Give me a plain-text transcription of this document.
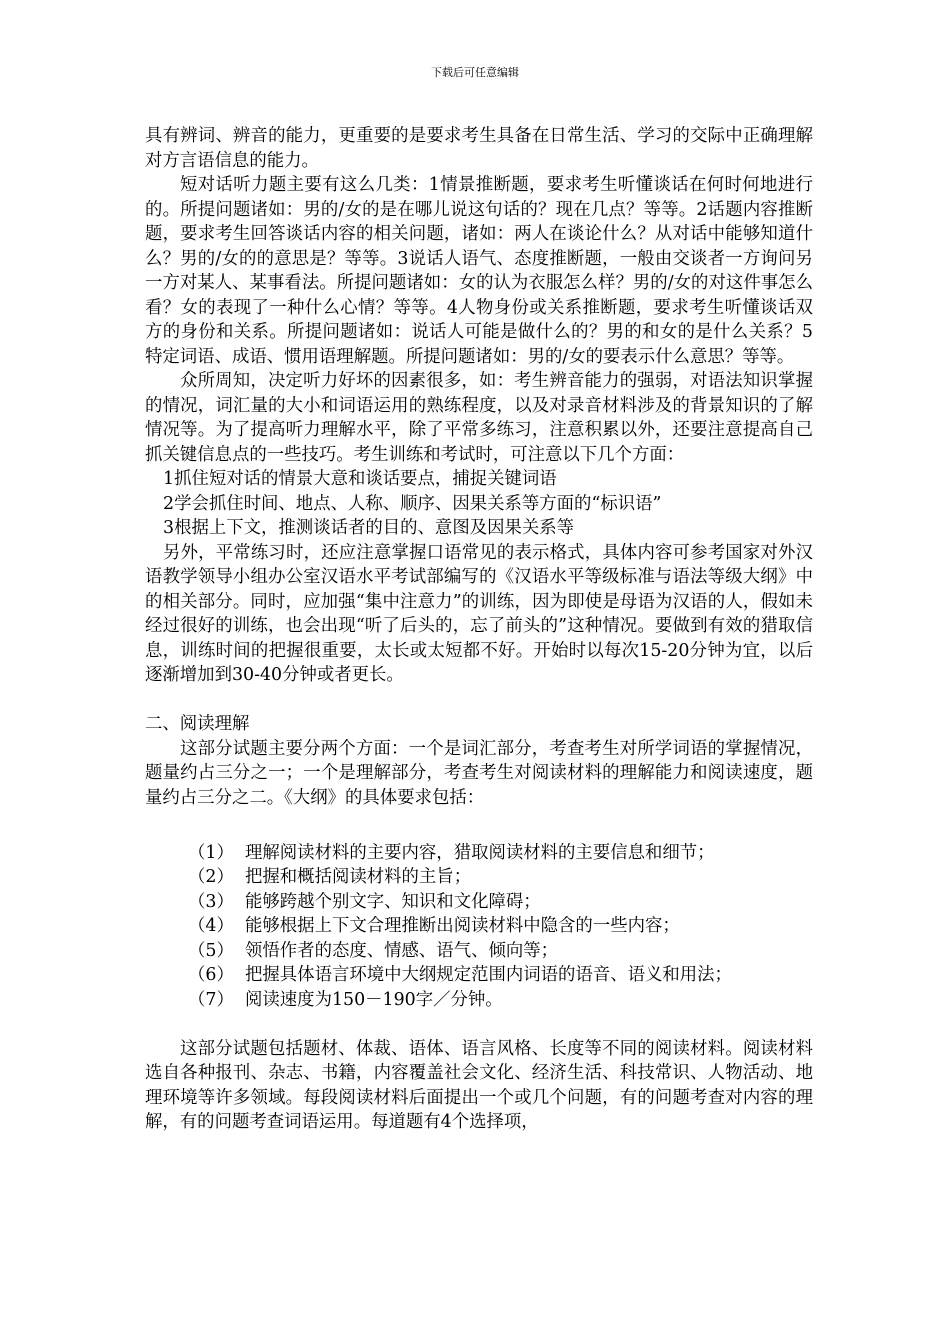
下载后可任意编辑

具有辨词、辨音的能力，更重要的是要求考生具备在日常生活、学习的交际中正确理解对方言语信息的能力。

短对话听力题主要有这么几类：1情景推断题，要求考生听懂谈话在何时何地进行的。所提问题诸如：男的/女的是在哪儿说这句话的？现在几点？等等。2话题内容推断题，要求考生回答谈话内容的相关问题，诸如：两人在谈论什么？从对话中能够知道什么？男的/女的的意思是？等等。3说话人语气、态度推断题，一般由交谈者一方询问另一方对某人、某事看法。所提问题诸如：女的认为衣服怎么样？男的/女的对这件事怎么看？女的表现了一种什么心情？等等。4人物身份或关系推断题，要求考生听懂谈话双方的身份和关系。所提问题诸如：说话人可能是做什么的？男的和女的是什么关系？5特定词语、成语、惯用语理解题。所提问题诸如：男的/女的要表示什么意思？等等。

众所周知，决定听力好坏的因素很多，如：考生辨音能力的强弱，对语法知识掌握的情况，词汇量的大小和词语运用的熟练程度，以及对录音材料涉及的背景知识的了解情况等。为了提高听力理解水平，除了平常多练习，注意积累以外，还要注意提高自己抓关键信息点的一些技巧。考生训练和考试时，可注意以下几个方面：

1抓住短对话的情景大意和谈话要点，捕捉关键词语

2学会抓住时间、地点、人称、顺序、因果关系等方面的“标识语”

3根据上下文，推测谈话者的目的、意图及因果关系等

另外，平常练习时，还应注意掌握口语常见的表示格式，具体内容可参考国家对外汉语教学领导小组办公室汉语水平考试部编写的《汉语水平等级标准与语法等级大纲》中的相关部分。同时，应加强“集中注意力”的训练，因为即使是母语为汉语的人，假如未经过很好的训练，也会出现“听了后头的，忘了前头的”这种情况。要做到有效的猎取信息，训练时间的把握很重要，太长或太短都不好。开始时以每次15-20分钟为宜，以后逐渐增加到30-40分钟或者更长。

二、阅读理解

这部分试题主要分两个方面：一个是词汇部分，考查考生对所学词语的掌握情况，题量约占三分之一；一个是理解部分，考查考生对阅读材料的理解能力和阅读速度，题量约占三分之二。《大纲》的具体要求包括：

（1） 理解阅读材料的主要内容，猎取阅读材料的主要信息和细节；
（2） 把握和概括阅读材料的主旨；
（3） 能够跨越个别文字、知识和文化障碍；
（4） 能够根据上下文合理推断出阅读材料中隐含的一些内容；
（5） 领悟作者的态度、情感、语气、倾向等；
（6） 把握具体语言环境中大纲规定范围内词语的语音、语义和用法；
（7） 阅读速度为150－190字／分钟。

这部分试题包括题材、体裁、语体、语言风格、长度等不同的阅读材料。阅读材料选自各种报刊、杂志、书籍，内容覆盖社会文化、经济生活、科技常识、人物活动、地理环境等许多领域。每段阅读材料后面提出一个或几个问题，有的问题考查对内容的理解，有的问题考查词语运用。每道题有4个选择项，
